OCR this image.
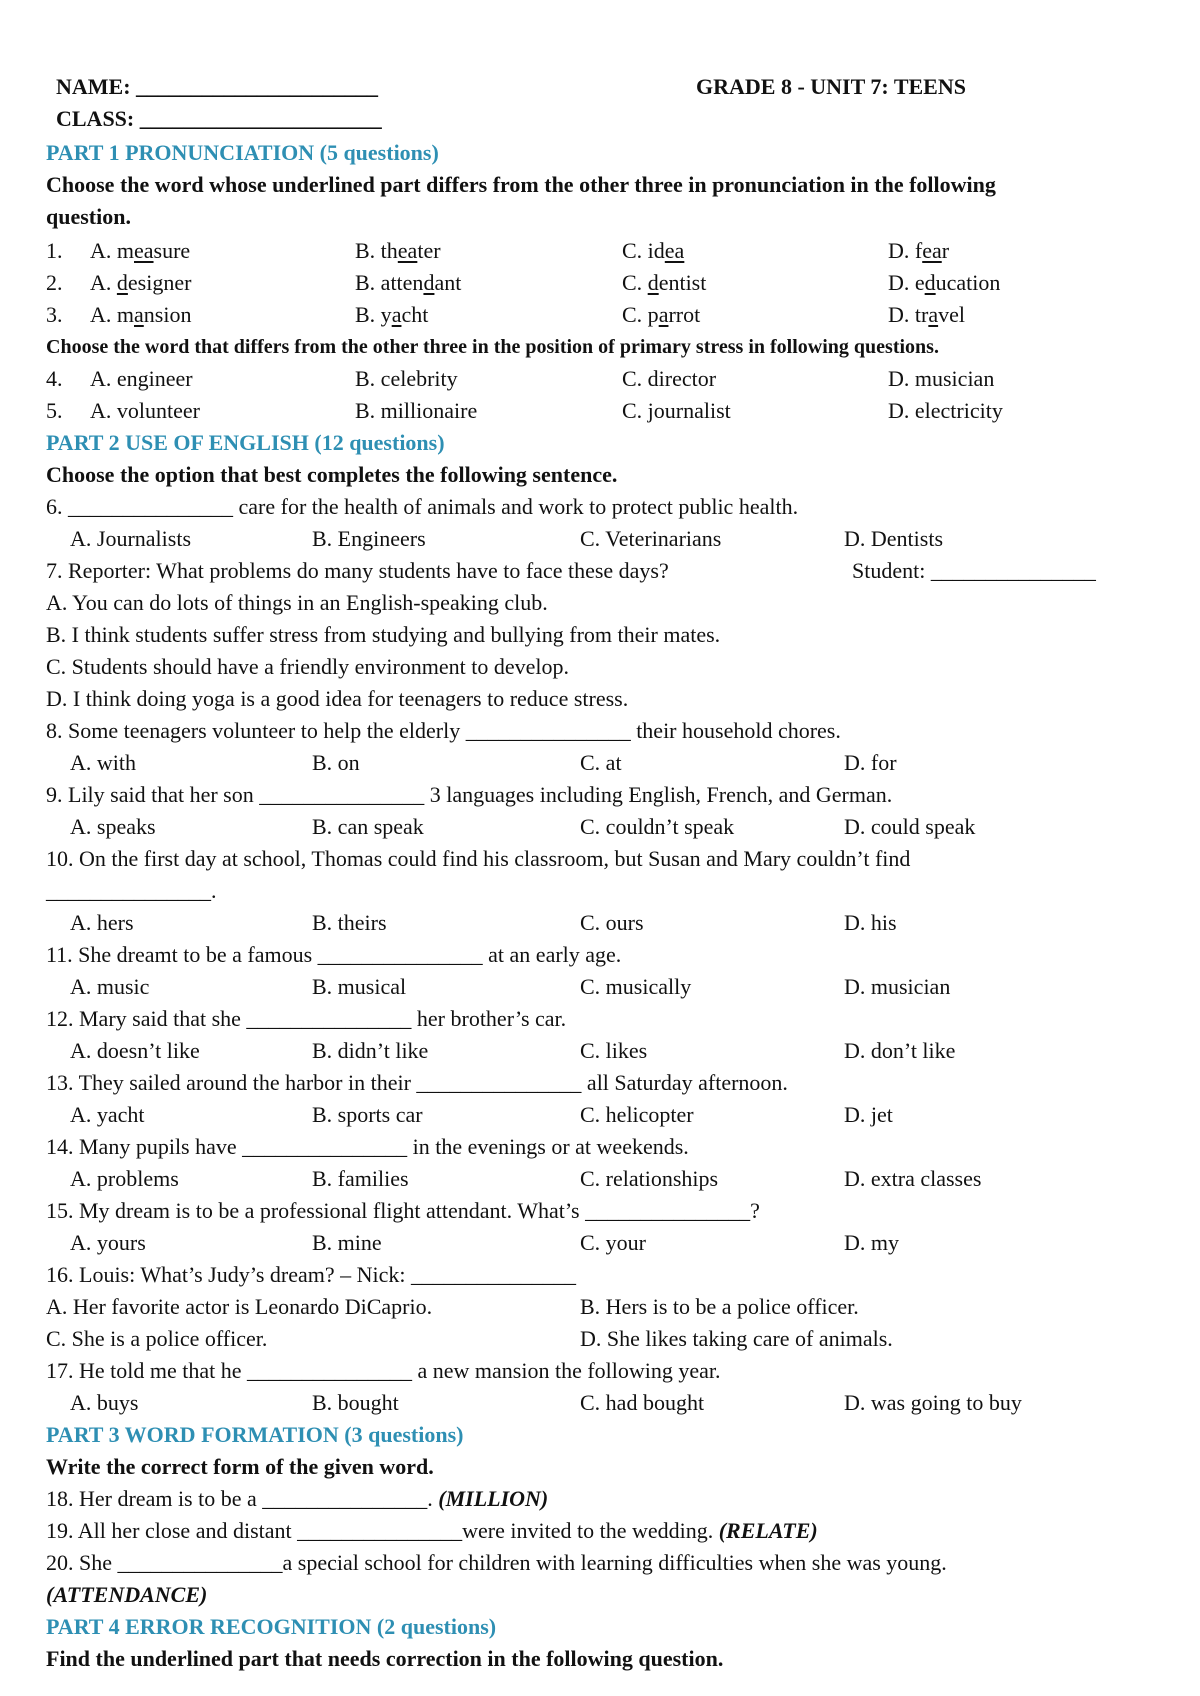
NAME: ______________________	GRADE 8 - UNIT 7: TEENS
CLASS: ______________________
PART 1 PRONUNCIATION (5 questions)
Choose the word whose underlined part differs from the other three in pronunciation in the following
question.
1. A. measure	B. theater	C. idea	D. fear
2. A. designer	B. attendant	C. dentist	D. education
3. A. mansion	B. yacht	C. parrot	D. travel
Choose the word that differs from the other three in the position of primary stress in following questions.
4. A. engineer	B. celebrity	C. director	D. musician
5. A. volunteer	B. millionaire	C. journalist	D. electricity
PART 2 USE OF ENGLISH (12 questions)
Choose the option that best completes the following sentence.
6. _______________ care for the health of animals and work to protect public health.
A. Journalists	B. Engineers	C. Veterinarians	D. Dentists
7. Reporter: What problems do many students have to face these days?	Student: _______________
A. You can do lots of things in an English-speaking club.
B. I think students suffer stress from studying and bullying from their mates.
C. Students should have a friendly environment to develop.
D. I think doing yoga is a good idea for teenagers to reduce stress.
8. Some teenagers volunteer to help the elderly _______________ their household chores.
A. with	B. on	C. at	D. for
9. Lily said that her son _______________ 3 languages including English, French, and German.
A. speaks	B. can speak	C. couldn’t speak	D. could speak
10. On the first day at school, Thomas could find his classroom, but Susan and Mary couldn’t find
_______________.
A. hers	B. theirs	C. ours	D. his
11. She dreamt to be a famous _______________ at an early age.
A. music	B. musical	C. musically	D. musician
12. Mary said that she _______________ her brother’s car.
A. doesn’t like	B. didn’t like	C. likes	D. don’t like
13. They sailed around the harbor in their _______________ all Saturday afternoon.
A. yacht	B. sports car	C. helicopter	D. jet
14. Many pupils have _______________ in the evenings or at weekends.
A. problems	B. families	C. relationships	D. extra classes
15. My dream is to be a professional flight attendant. What’s _______________?
A. yours	B. mine	C. your	D. my
16. Louis: What’s Judy’s dream? – Nick: _______________
A. Her favorite actor is Leonardo DiCaprio.	B. Hers is to be a police officer.
C. She is a police officer.	D. She likes taking care of animals.
17. He told me that he _______________ a new mansion the following year.
A. buys	B. bought	C. had bought	D. was going to buy
PART 3 WORD FORMATION (3 questions)
Write the correct form of the given word.
18. Her dream is to be a _______________. (MILLION)
19. All her close and distant _______________were invited to the wedding. (RELATE)
20. She _______________a special school for children with learning difficulties when she was young.
(ATTENDANCE)
PART 4 ERROR RECOGNITION (2 questions)
Find the underlined part that needs correction in the following question.
